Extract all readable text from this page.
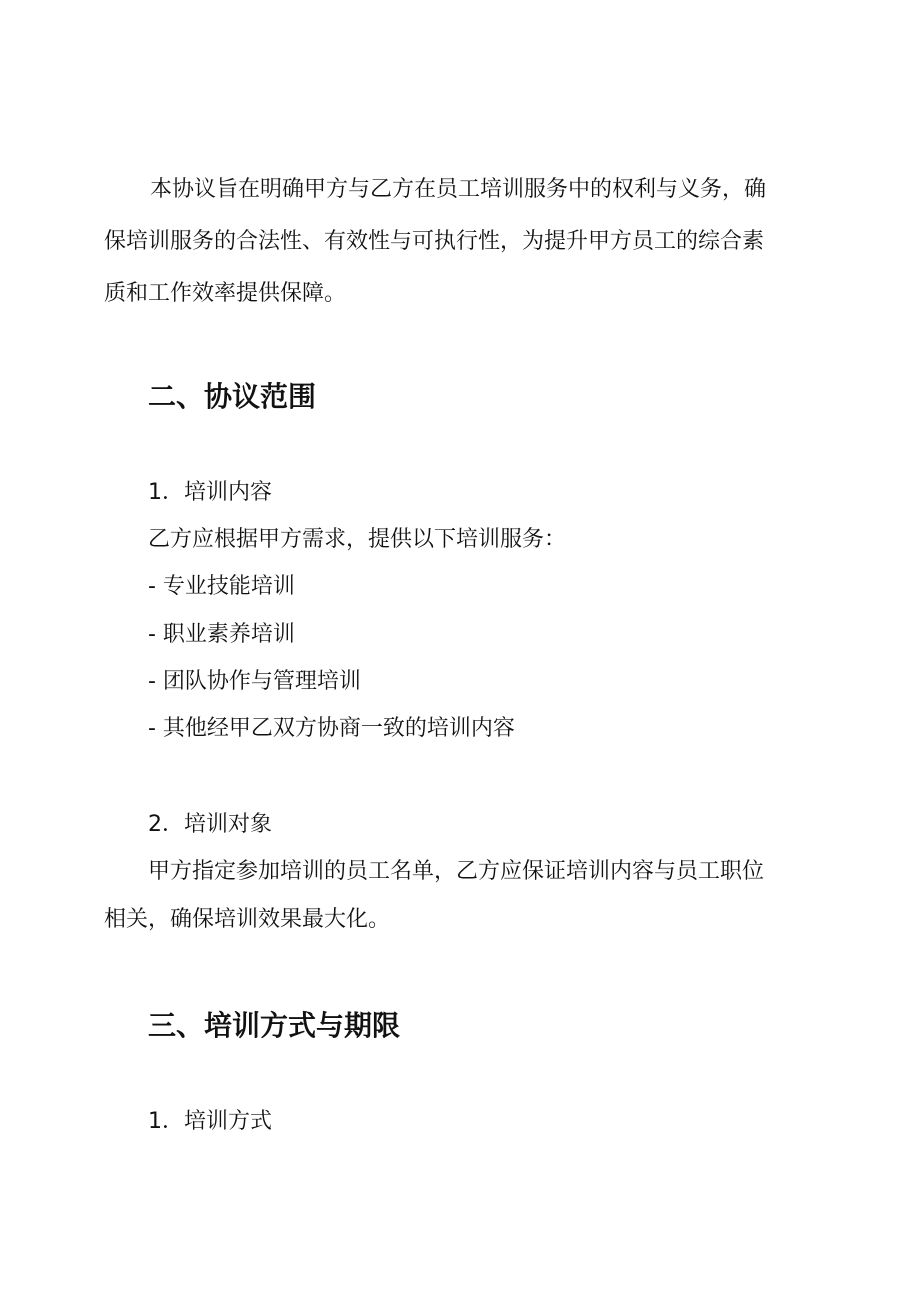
本协议旨在明确甲方与乙方在员工培训服务中的权利与义务，确
保培训服务的合法性、有效性与可执行性，为提升甲方员工的综合素
质和工作效率提供保障。
二、协议范围
1．培训内容
乙方应根据甲方需求，提供以下培训服务：
- 专业技能培训
- 职业素养培训
- 团队协作与管理培训
- 其他经甲乙双方协商一致的培训内容
2．培训对象
甲方指定参加培训的员工名单，乙方应保证培训内容与员工职位
相关，确保培训效果最大化。
三、培训方式与期限
1．培训方式
